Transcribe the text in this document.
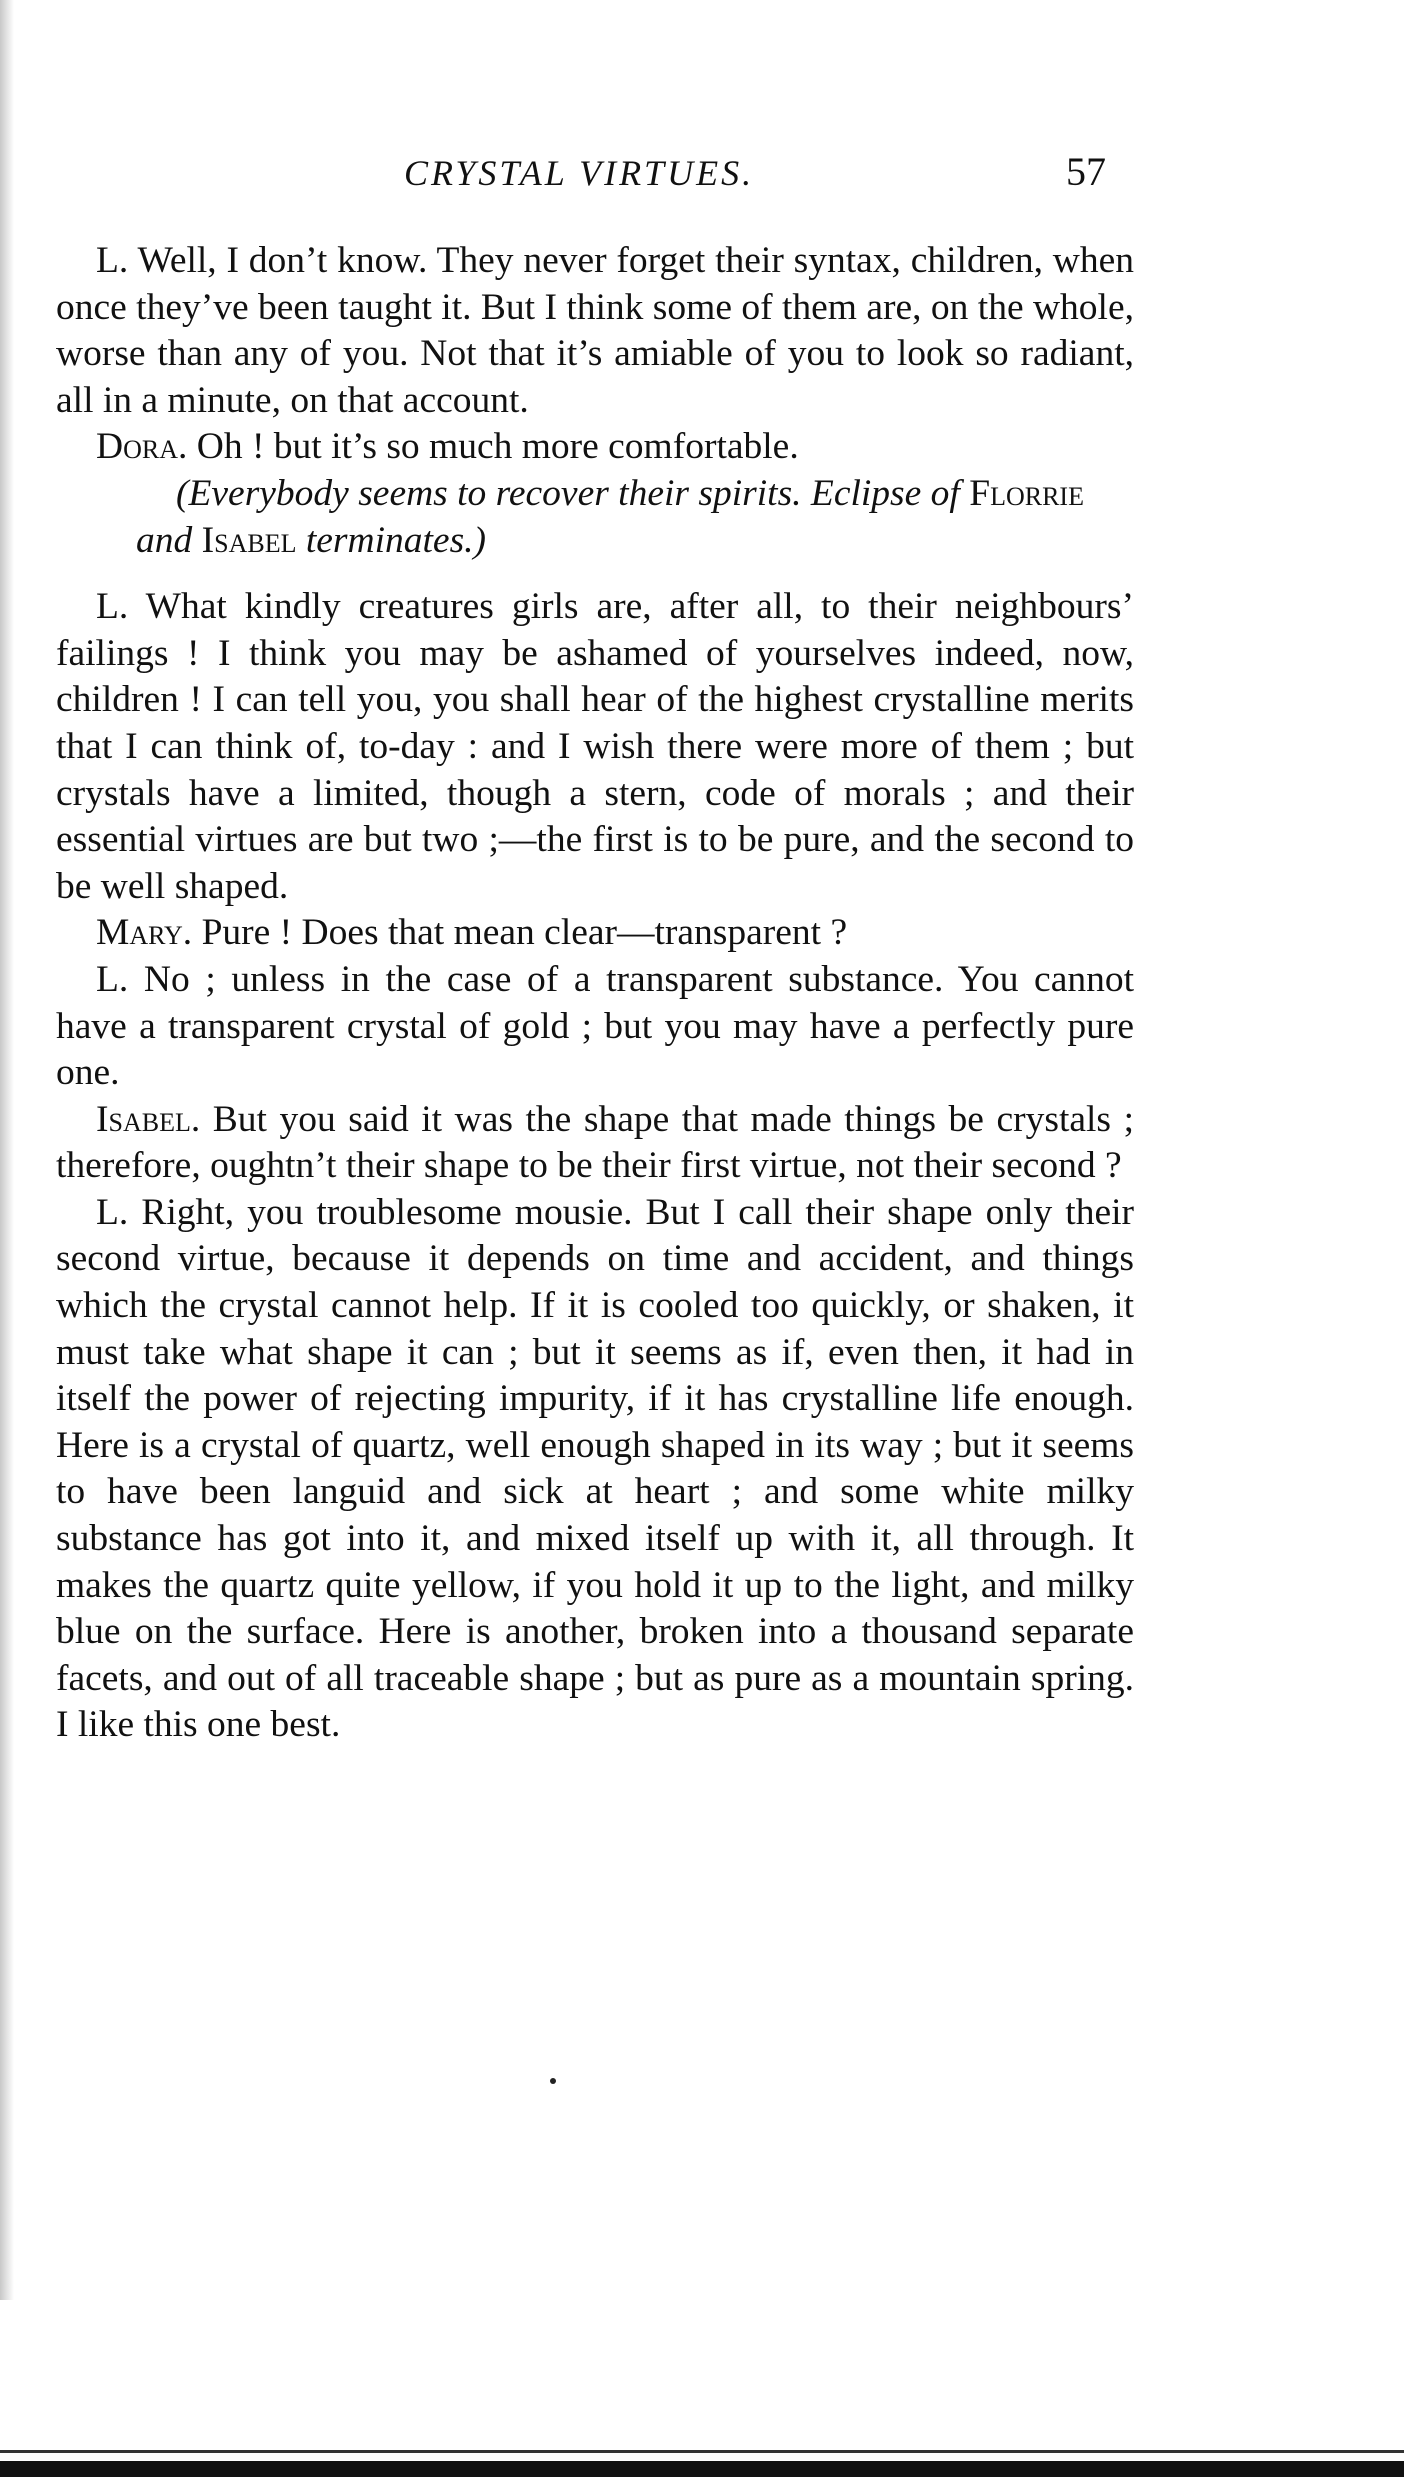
CRYSTAL VIRTUES.	57

L. Well, I don’t know. They never forget their syntax, children, when once they’ve been taught it. But I think some of them are, on the whole, worse than any of you. Not that it’s amiable of you to look so radiant, all in a minute, on that account.

Dora. Oh ! but it’s so much more comfortable.

(Everybody seems to recover their spirits. Eclipse of Florrie and Isabel terminates.)

L. What kindly creatures girls are, after all, to their neighbours’ failings ! I think you may be ashamed of yourselves indeed, now, children ! I can tell you, you shall hear of the highest crystalline merits that I can think of, to-day : and I wish there were more of them ; but crystals have a limited, though a stern, code of morals ; and their essential virtues are but two ;—the first is to be pure, and the second to be well shaped.

Mary. Pure ! Does that mean clear—transparent ?

L. No ; unless in the case of a transparent substance. You cannot have a transparent crystal of gold ; but you may have a perfectly pure one.

Isabel. But you said it was the shape that made things be crystals ; therefore, oughtn’t their shape to be their first virtue, not their second ?

L. Right, you troublesome mousie. But I call their shape only their second virtue, because it depends on time and accident, and things which the crystal cannot help. If it is cooled too quickly, or shaken, it must take what shape it can ; but it seems as if, even then, it had in itself the power of rejecting impurity, if it has crystalline life enough. Here is a crystal of quartz, well enough shaped in its way ; but it seems to have been languid and sick at heart ; and some white milky substance has got into it, and mixed itself up with it, all through. It makes the quartz quite yellow, if you hold it up to the light, and milky blue on the surface. Here is another, broken into a thousand separate facets, and out of all traceable shape ; but as pure as a mountain spring. I like this one best.
